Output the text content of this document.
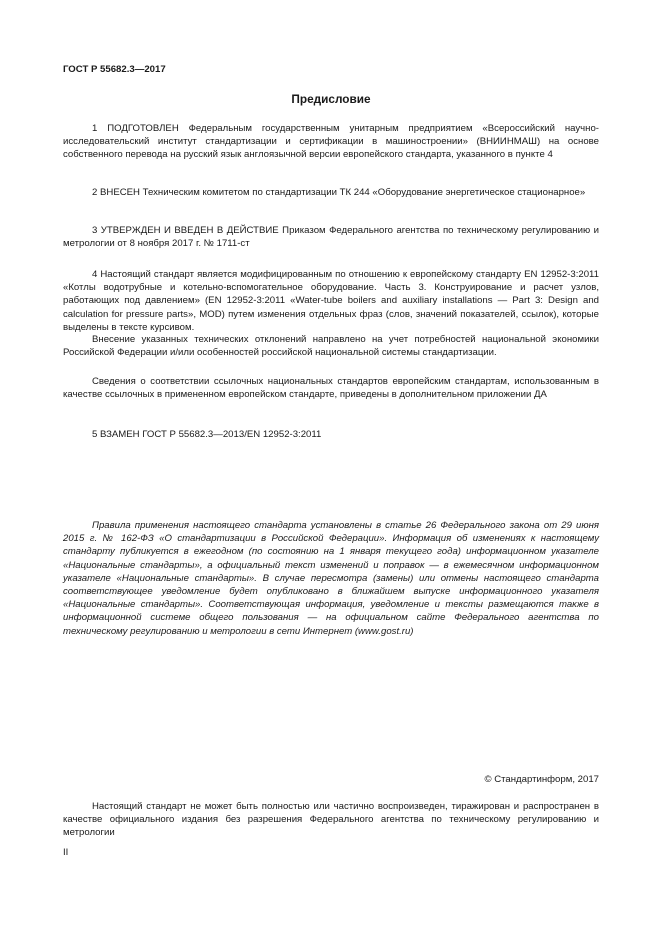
ГОСТ Р 55682.3—2017
Предисловие

1 ПОДГОТОВЛЕН Федеральным государственным унитарным предприятием «Всероссийский научно-исследовательский институт стандартизации и сертификации в машиностроении» (ВНИИНМАШ) на основе собственного перевода на русский язык англоязычной версии европейского стандарта, указанного в пункте 4

2 ВНЕСЕН Техническим комитетом по стандартизации ТК 244 «Оборудование энергетическое стационарное»

3 УТВЕРЖДЕН И ВВЕДЕН В ДЕЙСТВИЕ Приказом Федерального агентства по техническому регулированию и метрологии от 8 ноября 2017 г. № 1711-ст

4 Настоящий стандарт является модифицированным по отношению к европейскому стандарту EN 12952-3:2011 «Котлы водотрубные и котельно-вспомогательное оборудование. Часть 3. Конструирование и расчет узлов, работающих под давлением» (EN 12952-3:2011 «Water-tube boilers and auxiliary installations — Part 3: Design and calculation for pressure parts», MOD) путем изменения отдельных фраз (слов, значений показателей, ссылок), которые выделены в тексте курсивом.

Внесение указанных технических отклонений направлено на учет потребностей национальной экономики Российской Федерации и/или особенностей российской национальной системы стандартизации.

Сведения о соответствии ссылочных национальных стандартов европейским стандартам, использованным в качестве ссылочных в примененном европейском стандарте, приведены в дополнительном приложении ДА

5 ВЗАМЕН ГОСТ Р 55682.3—2013/EN 12952-3:2011

Правила применения настоящего стандарта установлены в статье 26 Федерального закона от 29 июня 2015 г. № 162-ФЗ «О стандартизации в Российской Федерации». Информация об изменениях к настоящему стандарту публикуется в ежегодном (по состоянию на 1 января текущего года) информационном указателе «Национальные стандарты», а официальный текст изменений и поправок — в ежемесячном информационном указателе «Национальные стандарты». В случае пересмотра (замены) или отмены настоящего стандарта соответствующее уведомление будет опубликовано в ближайшем выпуске информационного указателя «Национальные стандарты». Соответствующая информация, уведомление и тексты размещаются также в информационной системе общего пользования — на официальном сайте Федерального агентства по техническому регулированию и метрологии в сети Интернет (www.gost.ru)

© Стандартинформ, 2017

Настоящий стандарт не может быть полностью или частично воспроизведен, тиражирован и распространен в качестве официального издания без разрешения Федерального агентства по техническому регулированию и метрологии

II
